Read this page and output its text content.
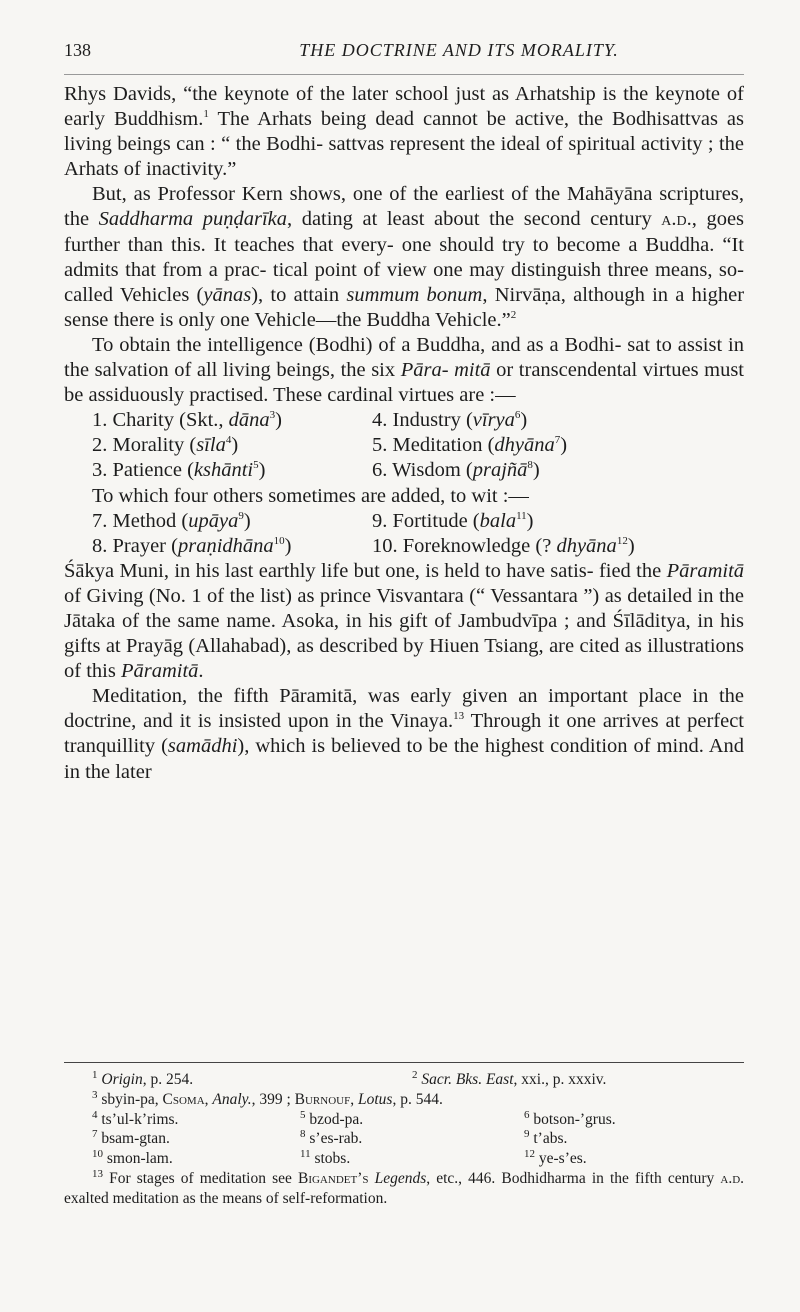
138	THE DOCTRINE AND ITS MORALITY.

Rhys Davids, “the keynote of the later school just as Arhatship is the keynote of early Buddhism.$^1$ The Arhats being dead cannot be active, the Bodhisattvas as living beings can : “ the Bodhi- sattvas represent the ideal of spiritual activity ; the Arhats of inactivity.”

But, as Professor Kern shows, one of the earliest of the Mahāyāna scriptures, the Saddharma puṇḍarīka, dating at least about the second century a.d., goes further than this. It teaches that every- one should try to become a Buddha. “It admits that from a prac- tical point of view one may distinguish three means, so-called Vehicles (yānas), to attain summum bonum, Nirvāṇa, although in a higher sense there is only one Vehicle—the Buddha Vehicle.”$^2$

To obtain the intelligence (Bodhi) of a Buddha, and as a Bodhi- sat to assist in the salvation of all living beings, the six Pāra- mitā or transcendental virtues must be assiduously practised. These cardinal virtues are :—

1. Charity (Skt., dāna$^3$)	4. Industry (vīrya$^6$)
2. Morality (sīla$^4$)	5. Meditation (dhyāna$^7$)
3. Patience (kshānti$^5$)	6. Wisdom (prajñā$^8$)
To which four others sometimes are added, to wit :—
7. Method (upāya$^9$)	9. Fortitude (bala$^{11}$)
8. Prayer (praṇidhāna$^{10}$)	10. Foreknowledge (? dhyāna$^{12}$)

Śākya Muni, in his last earthly life but one, is held to have satis- fied the Pāramitā of Giving (No. 1 of the list) as prince Visvantara (“ Vessantara ”) as detailed in the Jātaka of the same name. Asoka, in his gift of Jambudvīpa ; and Śīlāditya, in his gifts at Prayāg (Allahabad), as described by Hiuen Tsiang, are cited as illustrations of this Pāramitā.

Meditation, the fifth Pāramitā, was early given an important place in the doctrine, and it is insisted upon in the Vinaya.$^{13}$ Through it one arrives at perfect tranquillity (samādhi), which is believed to be the highest condition of mind. And in the later

$^1$ Origin, p. 254.	$^2$ Sacr. Bks. East, xxi., p. xxxiv.
$^3$ sbyin-pa, Csoma, Analy., 399 ; Burnouf, Lotus, p. 544.
$^4$ ts’ul-k’rims.	$^5$ bzod-pa.	$^6$ botson-’grus.
$^7$ bsam-gtan.	$^8$ s’es-rab.	$^9$ t’abs.
$^{10}$ smon-lam.	$^{11}$ stobs.	$^{12}$ ye-s’es.

$^{13}$ For stages of meditation see Bigandet’s Legends, etc., 446. Bodhidharma in the fifth century a.d. exalted meditation as the means of self-reformation.
